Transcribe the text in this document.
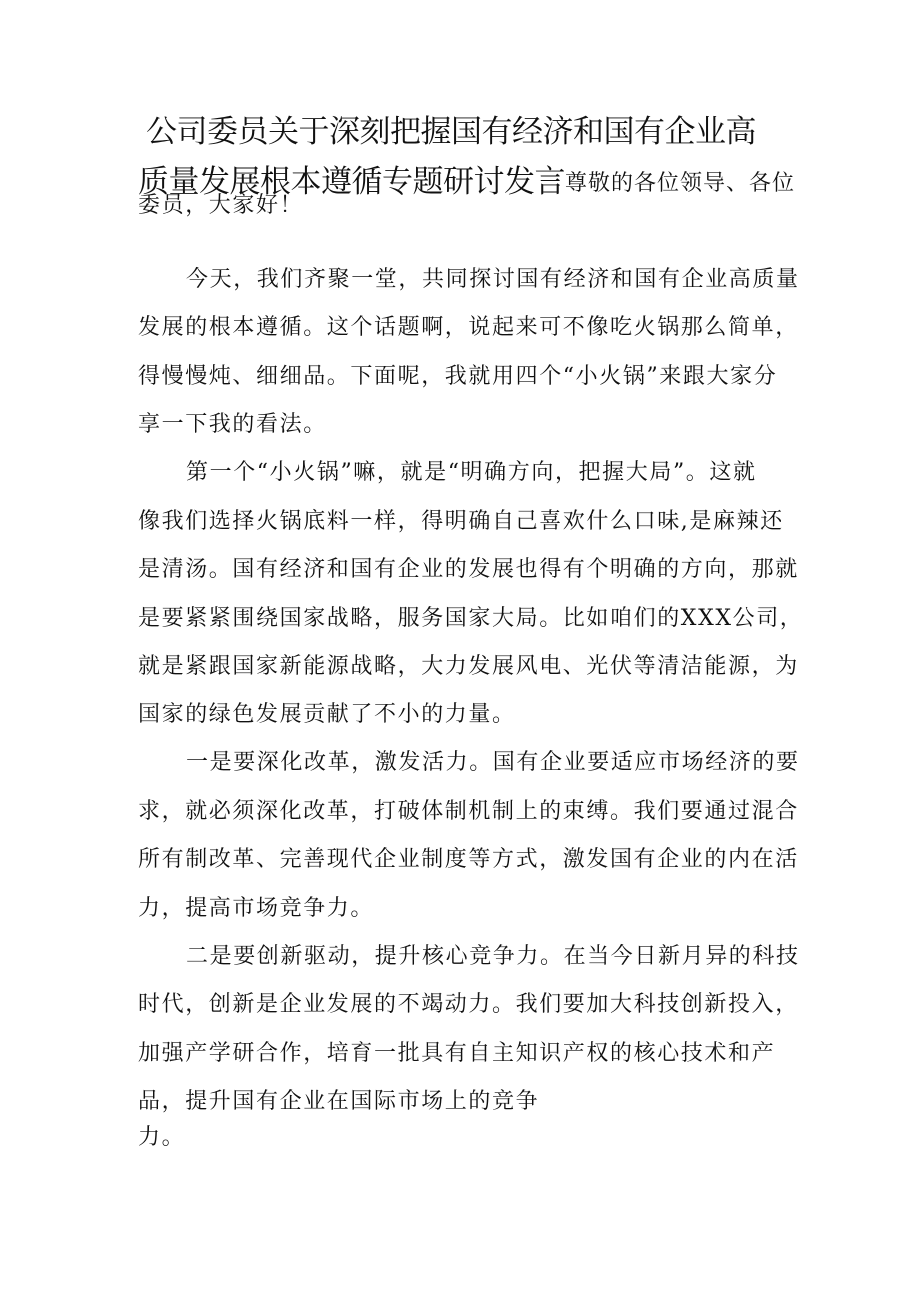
公司委员关于深刻把握国有经济和国有企业高
质量发展根本遵循专题研讨发言尊敬的各位领导、各位
委员，大家好！
今天，我们齐聚一堂，共同探讨国有经济和国有企业高质量
发展的根本遵循。这个话题啊，说起来可不像吃火锅那么简单，
得慢慢炖、细细品。下面呢，我就用四个“小火锅”来跟大家分
享一下我的看法。
第一个“小火锅”嘛，就是“明确方向，把握大局”。这就
像我们选择火锅底料一样，得明确自己喜欢什么口味,是麻辣还
是清汤。国有经济和国有企业的发展也得有个明确的方向，那就
是要紧紧围绕国家战略，服务国家大局。比如咱们的XXX公司，
就是紧跟国家新能源战略，大力发展风电、光伏等清洁能源，为
国家的绿色发展贡献了不小的力量。
一是要深化改革，激发活力。国有企业要适应市场经济的要
求，就必须深化改革，打破体制机制上的束缚。我们要通过混合
所有制改革、完善现代企业制度等方式，激发国有企业的内在活
力，提高市场竞争力。
二是要创新驱动，提升核心竞争力。在当今日新月异的科技
时代，创新是企业发展的不竭动力。我们要加大科技创新投入，
加强产学研合作，培育一批具有自主知识产权的核心技术和产
品，提升国有企业在国际市场上的竞争
力。
